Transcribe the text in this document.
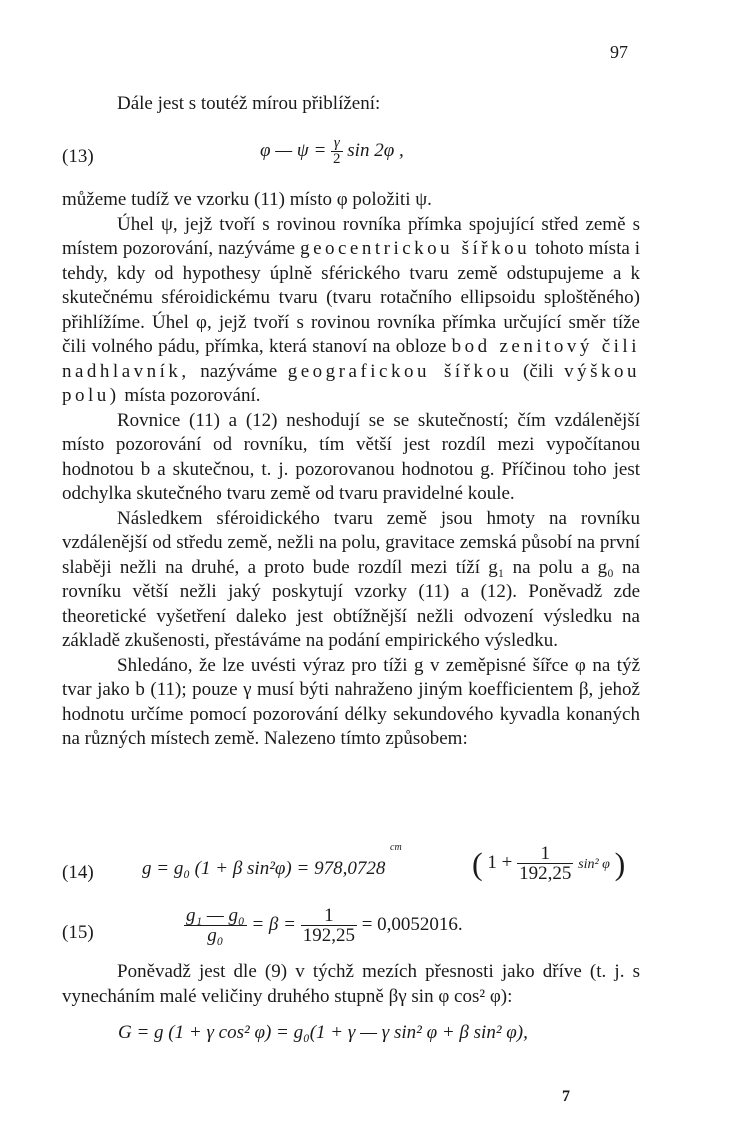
97

Dále jest s toutéž mírou přiblížení:

(13)	φ — $\psi = \frac{\gamma}{2}$ sin 2φ ,

můžeme tudíž ve vzorku (11) místo φ položiti ψ.

Úhel ψ, jejž tvoří s rovinou rovníka přímka spojující střed země s místem pozorování, nazýváme geocentrickou šířkou tohoto místa i tehdy, kdy od hypothesy úplně sférického tvaru země odstupujeme a k skutečnému sféroidickému tvaru (tvaru rotačního ellipsoidu sploštěného) přihlížíme. Úhel φ, jejž tvoří s rovinou rovníka přímka určující směr tíže čili volného pádu, přímka, která stanoví na obloze bod zenitový čili nadhlavník, nazýváme geografickou šířkou (čili výškou polu) místa pozorování.

Rovnice (11) a (12) neshodují se se skutečností; čím vzdálenější místo pozorování od rovníku, tím větší jest rozdíl mezi vypočítanou hodnotou b a skutečnou, t. j. pozorovanou hodnotou g. Příčinou toho jest odchylka skutečného tvaru země od tvaru pravidelné koule.

Následkem sféroidického tvaru země jsou hmoty na rovníku vzdálenější od středu země, nežli na polu, gravitace zemská působí na první slaběji nežli na druhé, a proto bude rozdíl mezi tíží g₁ na polu a g₀ na rovníku větší nežli jaký poskytují vzorky (11) a (12). Poněvadž zde theoretické vyšetření daleko jest obtížnější nežli odvození výsledku na základě zkušenosti, přestáváme na podání empirického výsledku.

Shledáno, že lze uvésti výraz pro tíži g v zeměpisné šířce φ na týž tvar jako b (11); pouze γ musí býti nahraženo jiným koefficientem β, jehož hodnotu určíme pomocí pozorování délky sekundového kyvadla konaných na různých místech země. Nalezeno tímto způsobem:

(14)	g = g₀ (1 + β sin²φ) = 978,0728
cm ( $1 + \frac{1}{192,25} \sin^2$ φ )
(15)	$\frac{\text{g₁ — g₀}}{\text{g₀}} = \beta = \frac{1}{192,25} = 0,0052016$.

Poněvadž jest dle (9) v týchž mezích přesnosti jako dříve (t. j. s vynecháním malé veličiny druhého stupně βγ sin φ cos² φ):

G = g (1 + γ cos² φ) = g₀(1 + γ — γ sin² φ + β sin² φ),
7
